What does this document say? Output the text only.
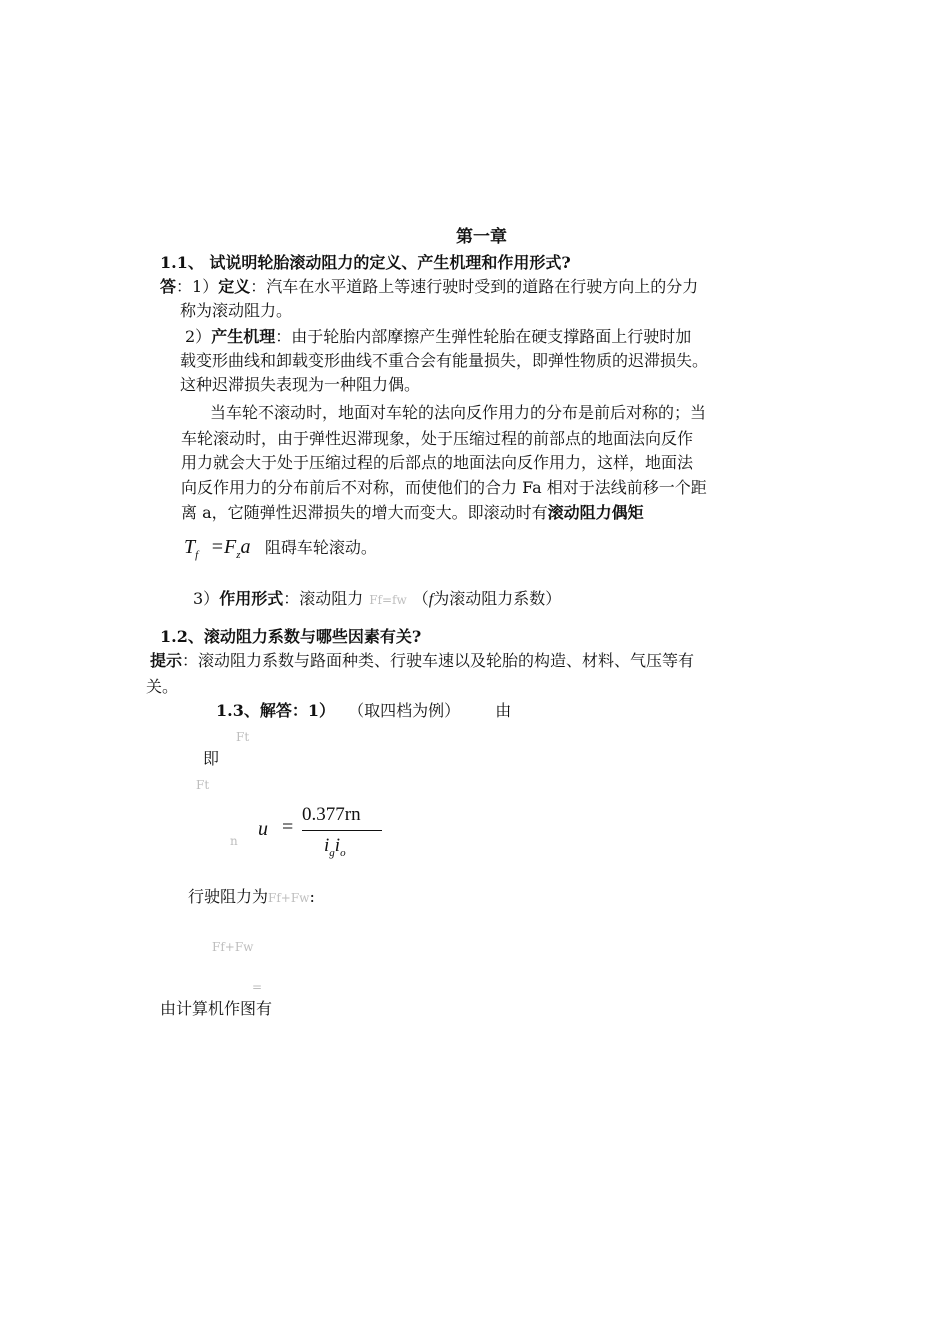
第一章
1.1、 试说明轮胎滚动阻力的定义、产生机理和作用形式?
答：1）定义：汽车在水平道路上等速行驶时受到的道路在行驶方向上的分力
称为滚动阻力。
2）产生机理：由于轮胎内部摩擦产生弹性轮胎在硬支撑路面上行驶时加
载变形曲线和卸载变形曲线不重合会有能量损失，即弹性物质的迟滞损失。
这种迟滞损失表现为一种阻力偶。
当车轮不滚动时，地面对车轮的法向反作用力的分布是前后对称的；当
车轮滚动时，由于弹性迟滞现象，处于压缩过程的前部点的地面法向反作
用力就会大于处于压缩过程的后部点的地面法向反作用力，这样，地面法
向反作用力的分布前后不对称，而使他们的合力 Fa 相对于法线前移一个距
离 a，它随弹性迟滞损失的增大而变大。即滚动时有滚动阻力偶矩
$T_f =F_za$ 阻碍车轮滚动。
3）作用形式：滚动阻力 Ff=fw （f为滚动阻力系数）
1.2、滚动阻力系数与哪些因素有关?
提示：滚动阻力系数与路面种类、行驶车速以及轮胎的构造、材料、气压等有
关。
1.3、解答：1） （取四档为例） 由
Ft
即
Ft
u =
0.377rn
$i_gi_o$
n
行驶阻力为Ff+Fw:
Ff+Fw
=
由计算机作图有
